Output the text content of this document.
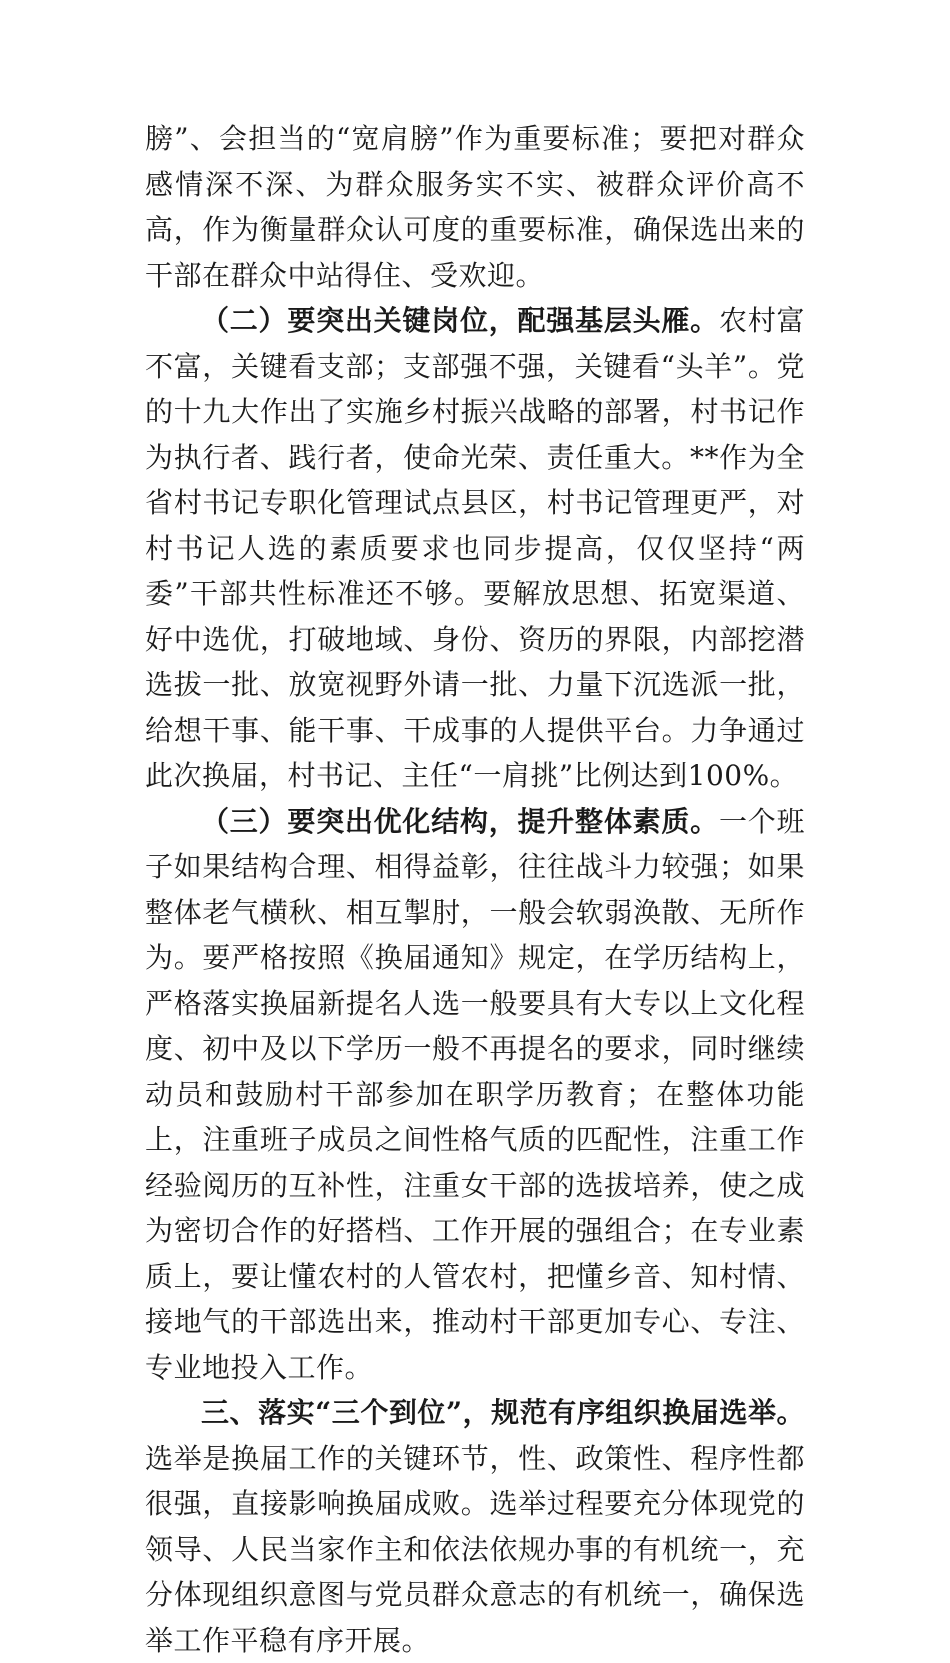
膀”、会担当的“宽肩膀”作为重要标准；要把对群众感情深不深、为群众服务实不实、被群众评价高不高，作为衡量群众认可度的重要标准，确保选出来的干部在群众中站得住、受欢迎。

（二）要突出关键岗位，配强基层头雁。农村富不富，关键看支部；支部强不强，关键看“头羊”。党的十九大作出了实施乡村振兴战略的部署，村书记作为执行者、践行者，使命光荣、责任重大。**作为全省村书记专职化管理试点县区，村书记管理更严，对村书记人选的素质要求也同步提高，仅仅坚持“两委”干部共性标准还不够。要解放思想、拓宽渠道、好中选优，打破地域、身份、资历的界限，内部挖潜选拔一批、放宽视野外请一批、力量下沉选派一批，给想干事、能干事、干成事的人提供平台。力争通过此次换届，村书记、主任“一肩挑”比例达到100%。

（三）要突出优化结构，提升整体素质。一个班子如果结构合理、相得益彰，往往战斗力较强；如果整体老气横秋、相互掣肘，一般会软弱涣散、无所作为。要严格按照《换届通知》规定，在学历结构上，严格落实换届新提名人选一般要具有大专以上文化程度、初中及以下学历一般不再提名的要求，同时继续动员和鼓励村干部参加在职学历教育；在整体功能上，注重班子成员之间性格气质的匹配性，注重工作经验阅历的互补性，注重女干部的选拔培养，使之成为密切合作的好搭档、工作开展的强组合；在专业素质上，要让懂农村的人管农村，把懂乡音、知村情、接地气的干部选出来，推动村干部更加专心、专注、专业地投入工作。

三、落实“三个到位”，规范有序组织换届选举。选举是换届工作的关键环节，性、政策性、程序性都很强，直接影响换届成败。选举过程要充分体现党的领导、人民当家作主和依法依规办事的有机统一，充分体现组织意图与党员群众意志的有机统一，确保选举工作平稳有序开展。
